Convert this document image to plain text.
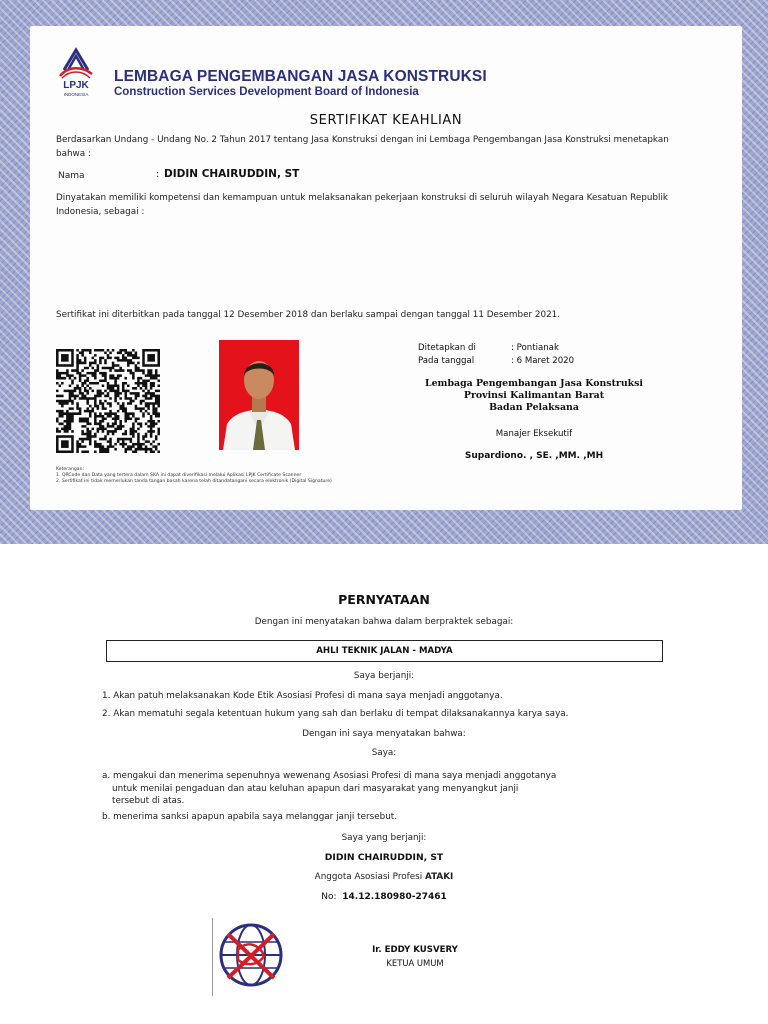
LPJK
INDONESIA
LEMBAGA PENGEMBANGAN JASA KONSTRUKSI
Construction Services Development Board of Indonesia
SERTIFIKAT KEAHLIAN
Berdasarkan Undang - Undang No. 2 Tahun 2017 tentang Jasa Konstruksi dengan ini Lembaga Pengembangan Jasa Konstruksi menetapkan
bahwa :
Nama	: DIDIN CHAIRUDDIN, ST
Dinyatakan memiliki kompetensi dan kemampuan untuk melaksanakan pekerjaan konstruksi di seluruh wilayah Negara Kesatuan Republik
Indonesia, sebagai :
Sertifikat ini diterbitkan pada tanggal 12 Desember 2018 dan berlaku sampai dengan tanggal 11 Desember 2021.
Keterangan:
1. QRCode dan Data yang tertera dalam SKA ini dapat diverifikasi melalui Aplikasi LPJK Certificate Scanner
2. Sertifikat ini tidak memerlukan tanda tangan basah karena telah ditandatangani secara elektronik (Digital Signature)
Ditetapkan di	: Pontianak
Pada tanggal	: 6 Maret 2020
Lembaga Pengembangan Jasa Konstruksi
Provinsi Kalimantan Barat
Badan Pelaksana
Manajer Eksekutif
Supardiono. , SE. ,MM. ,MH
PERNYATAAN
Dengan ini menyatakan bahwa dalam berpraktek sebagai:
AHLI TEKNIK JALAN - MADYA
Saya berjanji:
1. Akan patuh melaksanakan Kode Etik Asosiasi Profesi di mana saya menjadi anggotanya.
2. Akan mematuhi segala ketentuan hukum yang sah dan berlaku di tempat dilaksanakannya karya saya.
Dengan ini saya menyatakan bahwa:
Saya:
a. mengakui dan menerima sepenuhnya wewenang Asosiasi Profesi di mana saya menjadi anggotanya
untuk menilai pengaduan dan atau keluhan apapun dari masyarakat yang menyangkut janji
tersebut di atas.
b. menerima sanksi apapun apabila saya melanggar janji tersebut.
Saya yang berjanji:
DIDIN CHAIRUDDIN, ST
Anggota Asosiasi Profesi ATAKI
No: 14.12.180980-27461
Ir. EDDY KUSVERY
KETUA UMUM
